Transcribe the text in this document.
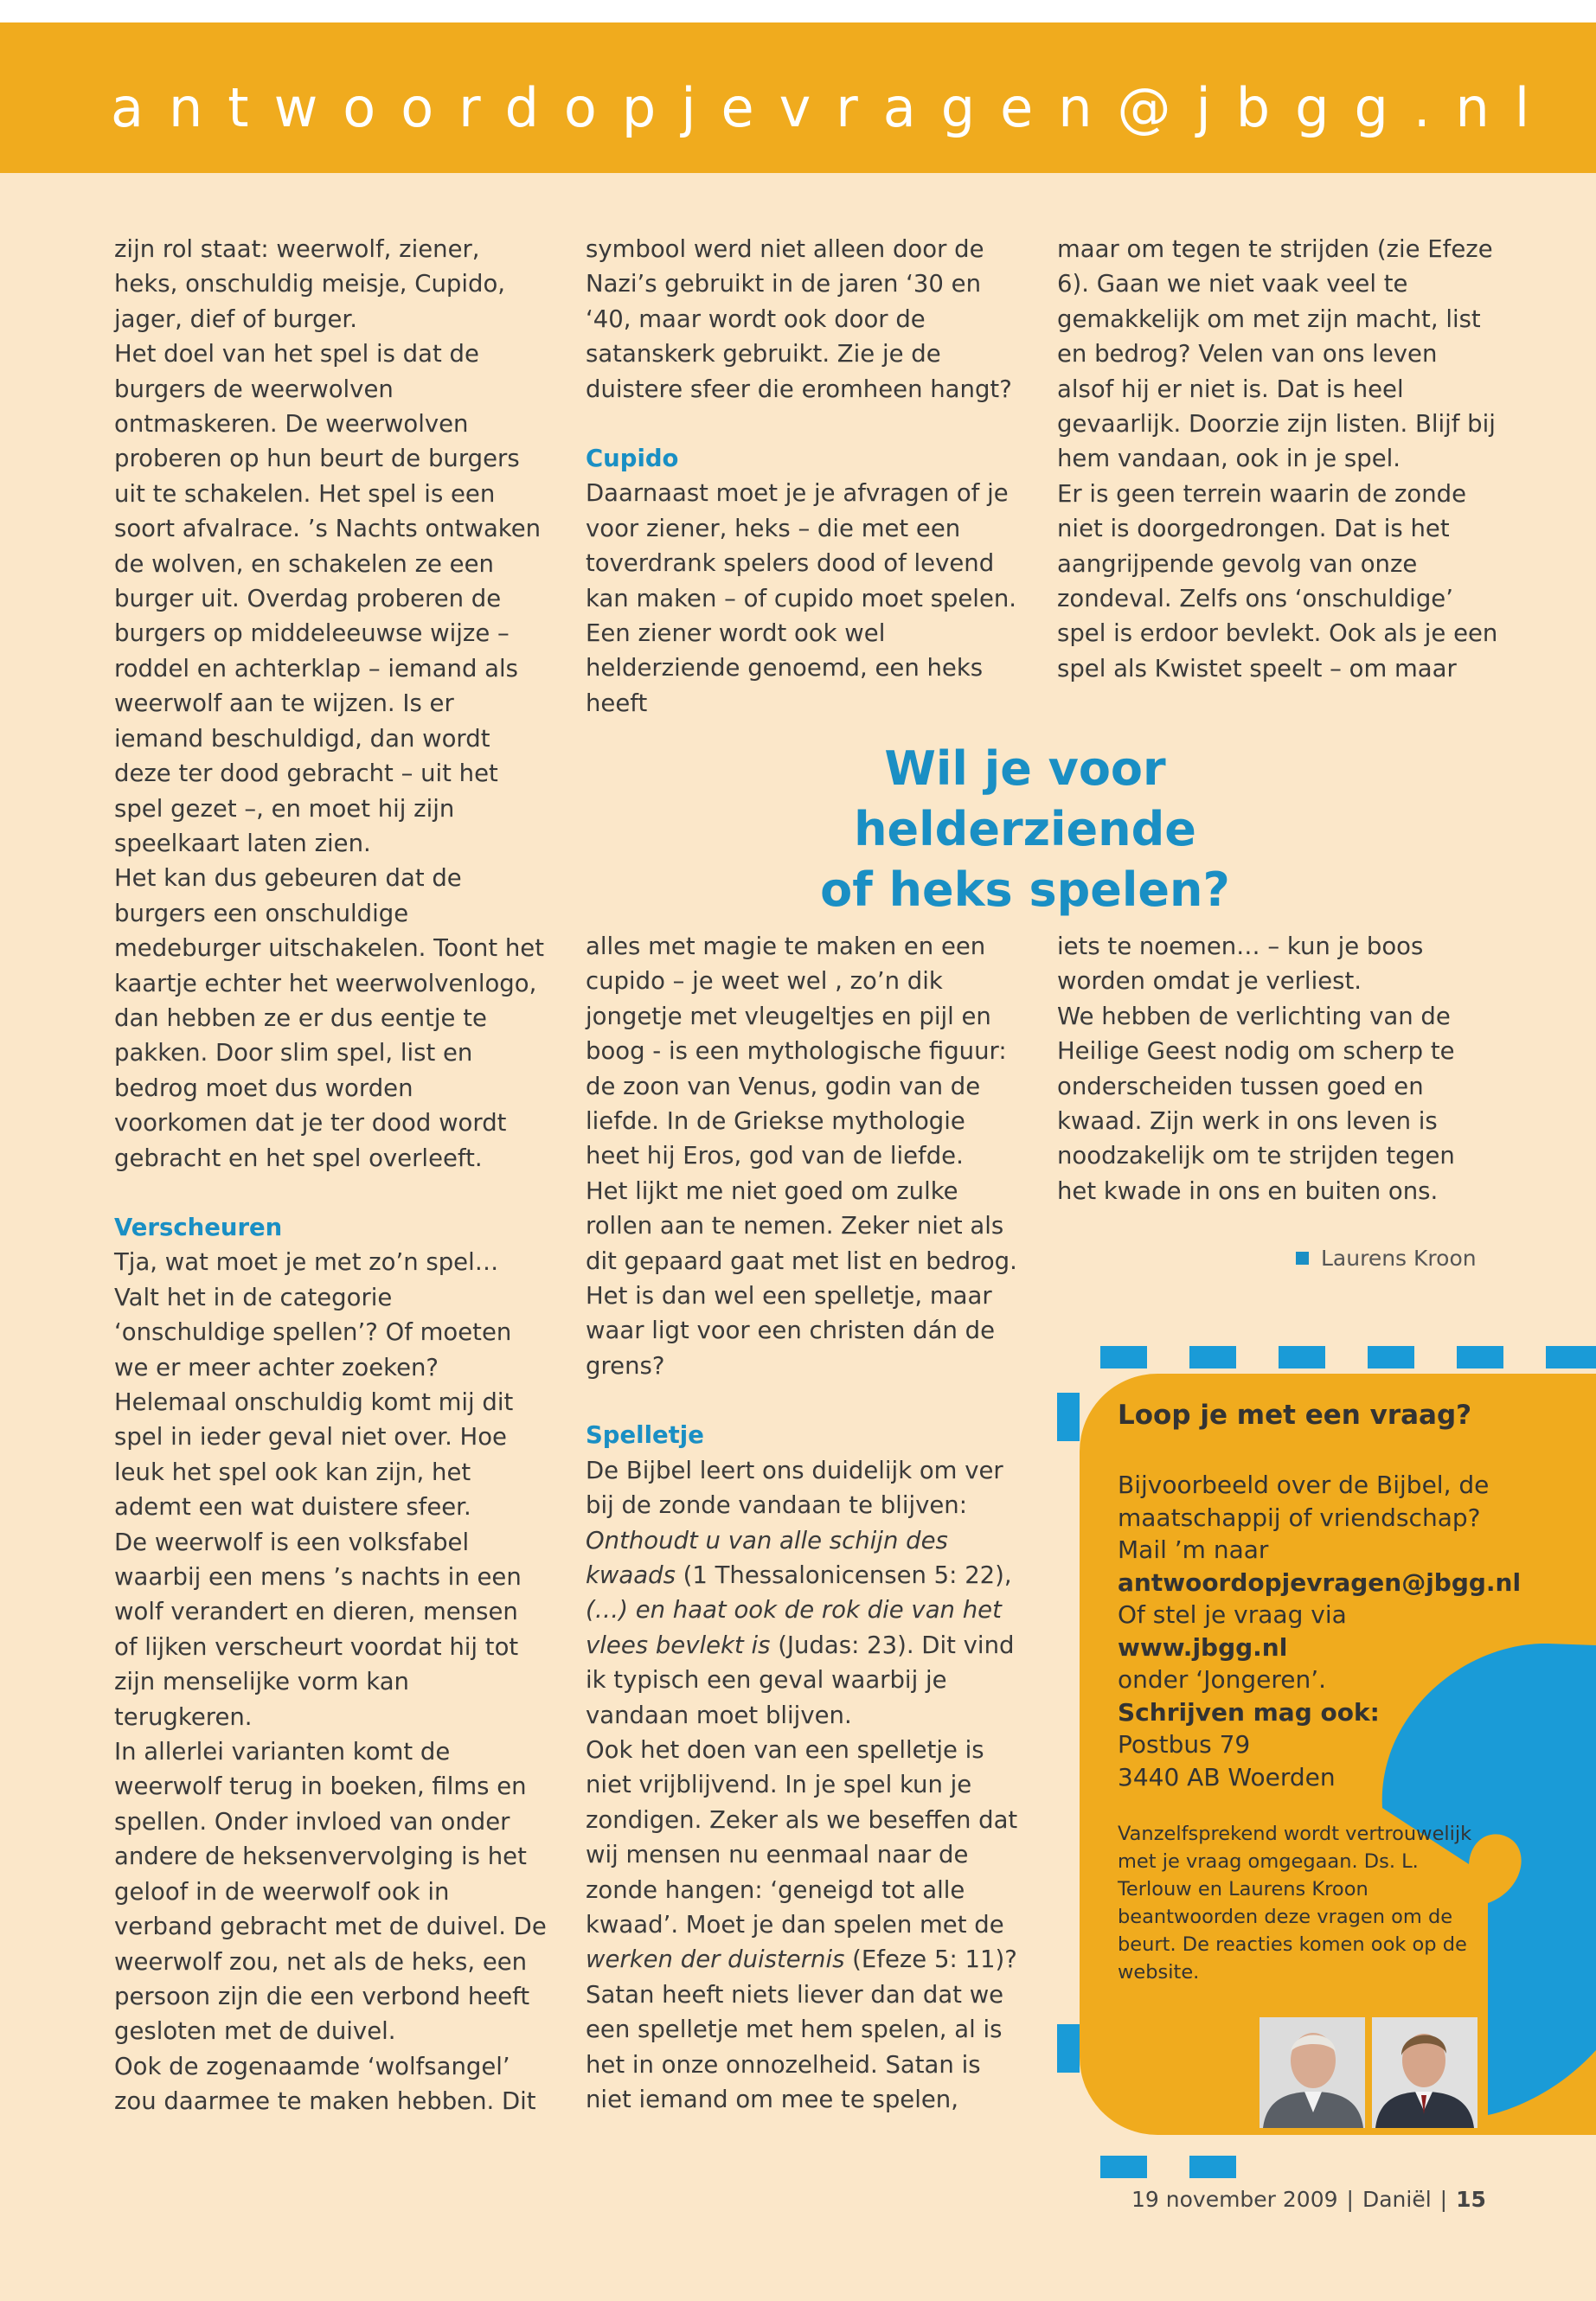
antwoordopjevragen@jbgg.nl

zijn rol staat: weerwolf, ziener, heks, onschuldig meisje, Cupido, jager, dief of burger.

Het doel van het spel is dat de burgers de weerwolven ontmaskeren. De weerwolven proberen op hun beurt de burgers uit te schakelen. Het spel is een soort afvalrace. ’s Nachts ontwaken de wolven, en schakelen ze een burger uit. Overdag proberen de burgers op middeleeuwse wijze – roddel en achterklap – iemand als weerwolf aan te wijzen. Is er iemand beschuldigd, dan wordt deze ter dood gebracht – uit het spel gezet –, en moet hij zijn speelkaart laten zien.

Het kan dus gebeuren dat de burgers een onschuldige medeburger uitschakelen. Toont het kaartje echter het weerwolvenlogo, dan hebben ze er dus eentje te pakken. Door slim spel, list en bedrog moet dus worden voorkomen dat je ter dood wordt gebracht en het spel overleeft.

Verscheuren

Tja, wat moet je met zo’n spel… Valt het in de categorie ‘onschuldige spellen’? Of moeten we er meer achter zoeken?

Helemaal onschuldig komt mij dit spel in ieder geval niet over. Hoe leuk het spel ook kan zijn, het ademt een wat duistere sfeer.

De weerwolf is een volksfabel waarbij een mens ’s nachts in een wolf verandert en dieren, mensen of lijken verscheurt voordat hij tot zijn menselijke vorm kan terugkeren.

In allerlei varianten komt de weerwolf terug in boeken, films en spellen. Onder invloed van onder andere de heksenvervolging is het geloof in de weerwolf ook in verband gebracht met de duivel. De weerwolf zou, net als de heks, een persoon zijn die een verbond heeft gesloten met de duivel.

Ook de zogenaamde ‘wolfsangel’ zou daarmee te maken hebben. Dit

symbool werd niet alleen door de Nazi’s gebruikt in de jaren ‘30 en ‘40, maar wordt ook door de satanskerk gebruikt. Zie je de duistere sfeer die eromheen hangt?

Cupido

Daarnaast moet je je afvragen of je voor ziener, heks – die met een toverdrank spelers dood of levend kan maken – of cupido moet spelen. Een ziener wordt ook wel helderziende genoemd, een heks heeft

maar om tegen te strijden (zie Efeze 6). Gaan we niet vaak veel te gemakkelijk om met zijn macht, list en bedrog? Velen van ons leven alsof hij er niet is. Dat is heel gevaarlijk. Doorzie zijn listen. Blijf bij hem vandaan, ook in je spel.

Er is geen terrein waarin de zonde niet is doorgedrongen. Dat is het aangrijpende gevolg van onze zondeval. Zelfs ons ‘onschuldige’ spel is erdoor bevlekt. Ook als je een spel als Kwistet speelt – om maar

Wil je voor helderziende
of heks spelen?

alles met magie te maken en een cupido – je weet wel , zo’n dik jongetje met vleugeltjes en pijl en boog - is een mythologische figuur: de zoon van Venus, godin van de liefde. In de Griekse mythologie heet hij Eros, god van de liefde.

Het lijkt me niet goed om zulke rollen aan te nemen. Zeker niet als dit gepaard gaat met list en bedrog. Het is dan wel een spelletje, maar waar ligt voor een christen dán de grens?

Spelletje

De Bijbel leert ons duidelijk om ver bij de zonde vandaan te blijven: Onthoudt u van alle schijn des kwaads (1 Thessalonicensen 5: 22), (…) en haat ook de rok die van het vlees bevlekt is (Judas: 23). Dit vind ik typisch een geval waarbij je vandaan moet blijven.

Ook het doen van een spelletje is niet vrijblijvend. In je spel kun je zondigen. Zeker als we beseffen dat wij mensen nu eenmaal naar de zonde hangen: ‘geneigd tot alle kwaad’. Moet je dan spelen met de werken der duisternis (Efeze 5: 11)? Satan heeft niets liever dan dat we een spelletje met hem spelen, al is het in onze onnozelheid. Satan is niet iemand om mee te spelen,

iets te noemen… – kun je boos worden omdat je verliest.

We hebben de verlichting van de Heilige Geest nodig om scherp te onderscheiden tussen goed en kwaad. Zijn werk in ons leven is noodzakelijk om te strijden tegen het kwade in ons en buiten ons.

Laurens Kroon
Loop je met een vraag?

Bijvoorbeeld over de Bijbel, de maatschappij of vriendschap?

Mail ’m naar

antwoordopjevragen@jbgg.nl

Of stel je vraag via

www.jbgg.nl

onder ‘Jongeren’.

Schrijven mag ook:

Postbus 79

3440 AB Woerden

Vanzelfsprekend wordt vertrouwelijk met je vraag omgegaan. Ds. L. Terlouw en Laurens Kroon beantwoorden deze vragen om de beurt. De reacties komen ook op de website.
19 november 2009 | Daniël | 15
